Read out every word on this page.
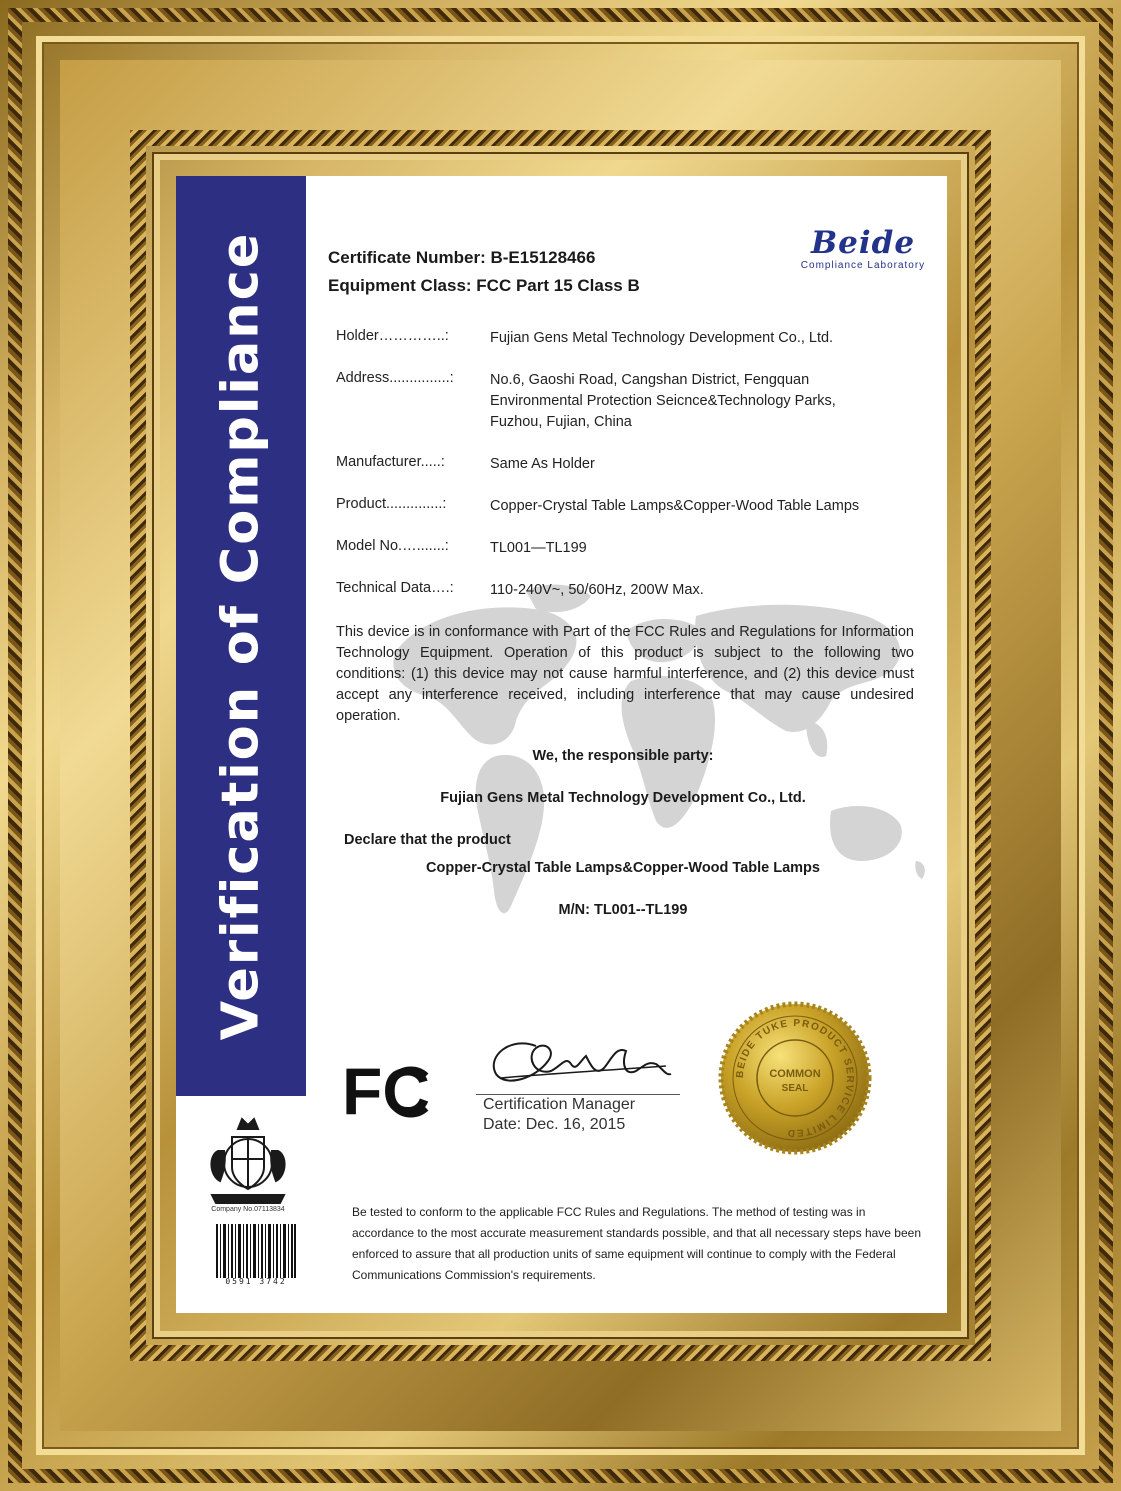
Verification of Compliance	Certificate Number: B-E15128466
Equipment Class: FCC Part 15 Class B
Beide
Compliance Laboratory
Holder…………..:	Fujian Gens Metal Technology Development Co., Ltd.
Address...............:	No.6, Gaoshi Road, Cangshan District, Fengquan Environmental Protection Seicnce&Technology Parks, Fuzhou, Fujian, China
Manufacturer.....:	Same As Holder
Product..............:	Copper-Crystal Table Lamps&Copper-Wood Table Lamps
Model No.….......:	TL001—TL199
Technical Data….:	110-240V~, 50/60Hz, 200W Max.
This device is in conformance with Part of the FCC Rules and Regulations for Information Technology Equipment. Operation of this product is subject to the following two conditions: (1) this device may not cause harmful interference, and (2) this device must accept any interference received, including interference that may cause undesired operation.
We, the responsible party:
Fujian Gens Metal Technology Development Co., Ltd.
Declare that the product
Copper-Crystal Table Lamps&Copper-Wood Table Lamps
M/N: TL001--TL199
FC	Certification Manager
Date: Dec. 16, 2015
BEIDE TUKE PRODUCT SERVICE LIMITED
COMMON
SEAL
Company No.07113834
0591 3742
Be tested to conform to the applicable FCC Rules and Regulations. The method of testing was in accordance to the most accurate measurement standards possible, and that all necessary steps have been enforced to assure that all production units of same equipment will continue to comply with the Federal Communications Commission's requirements.
